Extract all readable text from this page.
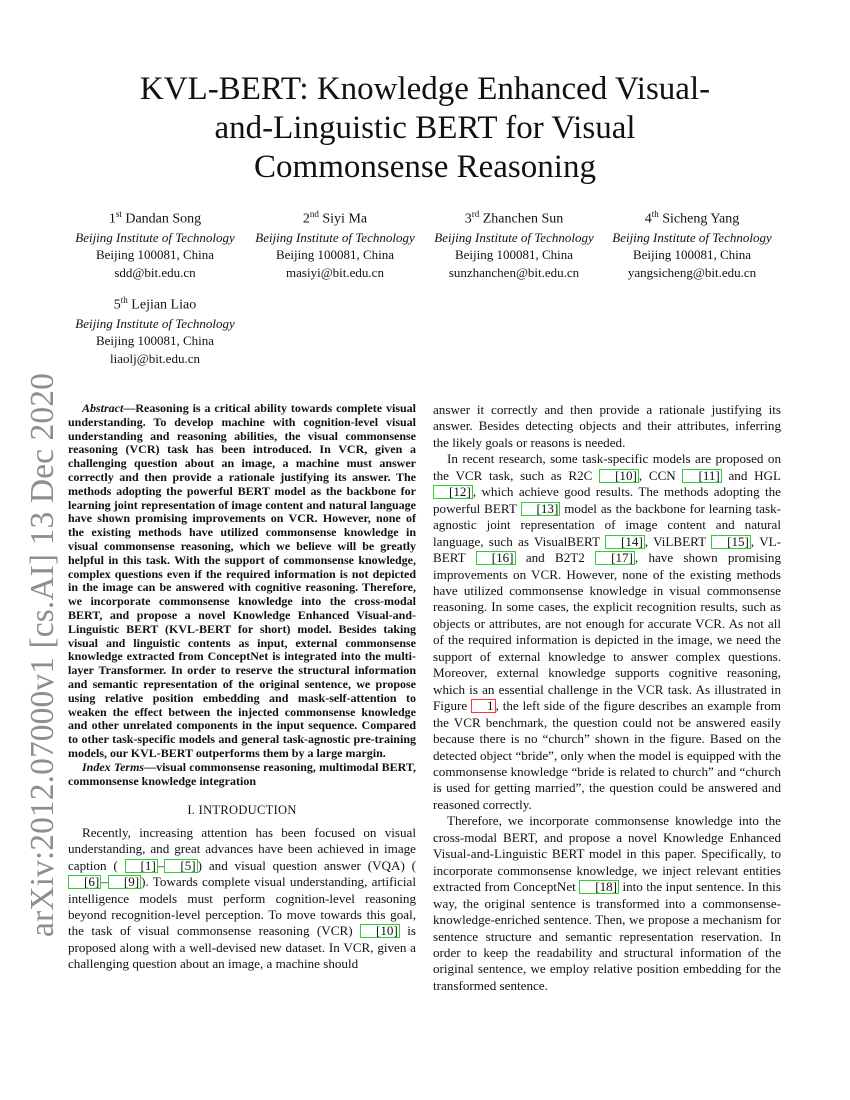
arXiv:2012.07000v1 [cs.AI] 13 Dec 2020
KVL-BERT: Knowledge Enhanced Visual-and-Linguistic BERT for Visual Commonsense Reasoning
1st Dandan Song
Beijing Institute of Technology
Beijing 100081, China
sdd@bit.edu.cn
2nd Siyi Ma
Beijing Institute of Technology
Beijing 100081, China
masiyi@bit.edu.cn
3rd Zhanchen Sun
Beijing Institute of Technology
Beijing 100081, China
sunzhanchen@bit.edu.cn
4th Sicheng Yang
Beijing Institute of Technology
Beijing 100081, China
yangsicheng@bit.edu.cn
5th Lejian Liao
Beijing Institute of Technology
Beijing 100081, China
liaolj@bit.edu.cn

Abstract—Reasoning is a critical ability towards complete visual understanding. To develop machine with cognition-level visual understanding and reasoning abilities, the visual commonsense reasoning (VCR) task has been introduced. In VCR, given a challenging question about an image, a machine must answer correctly and then provide a rationale justifying its answer. The methods adopting the powerful BERT model as the backbone for learning joint representation of image content and natural language have shown promising improvements on VCR. However, none of the existing methods have utilized commonsense knowledge in visual commonsense reasoning, which we believe will be greatly helpful in this task. With the support of commonsense knowledge, complex questions even if the required information is not depicted in the image can be answered with cognitive reasoning. Therefore, we incorporate commonsense knowledge into the cross-modal BERT, and propose a novel Knowledge Enhanced Visual-and-Linguistic BERT (KVL-BERT for short) model. Besides taking visual and linguistic contents as input, external commonsense knowledge extracted from ConceptNet is integrated into the multi-layer Transformer. In order to reserve the structural information and semantic representation of the original sentence, we propose using relative position embedding and mask-self-attention to weaken the effect between the injected commonsense knowledge and other unrelated components in the input sequence. Compared to other task-specific models and general task-agnostic pre-training models, our KVL-BERT outperforms them by a large margin.

Index Terms—visual commonsense reasoning, multimodal BERT, commonsense knowledge integration

I. INTRODUCTION

Recently, increasing attention has been focused on visual understanding, and great advances have been achieved in image caption ( [1] – [5] ) and visual question answer (VQA) ( [6] – [9] ). Towards complete visual understanding, artificial intelligence models must perform cognition-level reasoning beyond recognition-level perception. To move towards this goal, the task of visual commonsense reasoning (VCR) [10] is proposed along with a well-devised new dataset. In VCR, given a challenging question about an image, a machine should

answer it correctly and then provide a rationale justifying its answer. Besides detecting objects and their attributes, inferring the likely goals or reasons is needed.

In recent research, some task-specific models are proposed on the VCR task, such as R2C [10] , CCN [11] and HGL [12] , which achieve good results. The methods adopting the powerful BERT [13] model as the backbone for learning task-agnostic joint representation of image content and natural language, such as VisualBERT [14] , ViLBERT [15] , VL-BERT [16] and B2T2 [17] , have shown promising improvements on VCR. However, none of the existing methods have utilized commonsense knowledge in visual commonsense reasoning. In some cases, the explicit recognition results, such as objects or attributes, are not enough for accurate VCR. As not all of the required information is depicted in the image, we need the support of external knowledge to answer complex questions. Moreover, external knowledge supports cognitive reasoning, which is an essential challenge in the VCR task. As illustrated in Figure 1 , the left side of the figure describes an example from the VCR benchmark, the question could not be answered easily because there is no “church” shown in the figure. Based on the detected object “bride”, only when the model is equipped with the commonsense knowledge “bride is related to church” and “church is used for getting married”, the question could be answered and reasoned correctly.

Therefore, we incorporate commonsense knowledge into the cross-modal BERT, and propose a novel Knowledge Enhanced Visual-and-Linguistic BERT model in this paper. Specifically, to incorporate commonsense knowledge, we inject relevant entities extracted from ConceptNet [18] into the input sentence. In this way, the original sentence is transformed into a commonsense-knowledge-enriched sentence. Then, we propose a mechanism for sentence structure and semantic representation reservation. In order to keep the readability and structural information of the original sentence, we employ relative position embedding for the transformed sentence.
